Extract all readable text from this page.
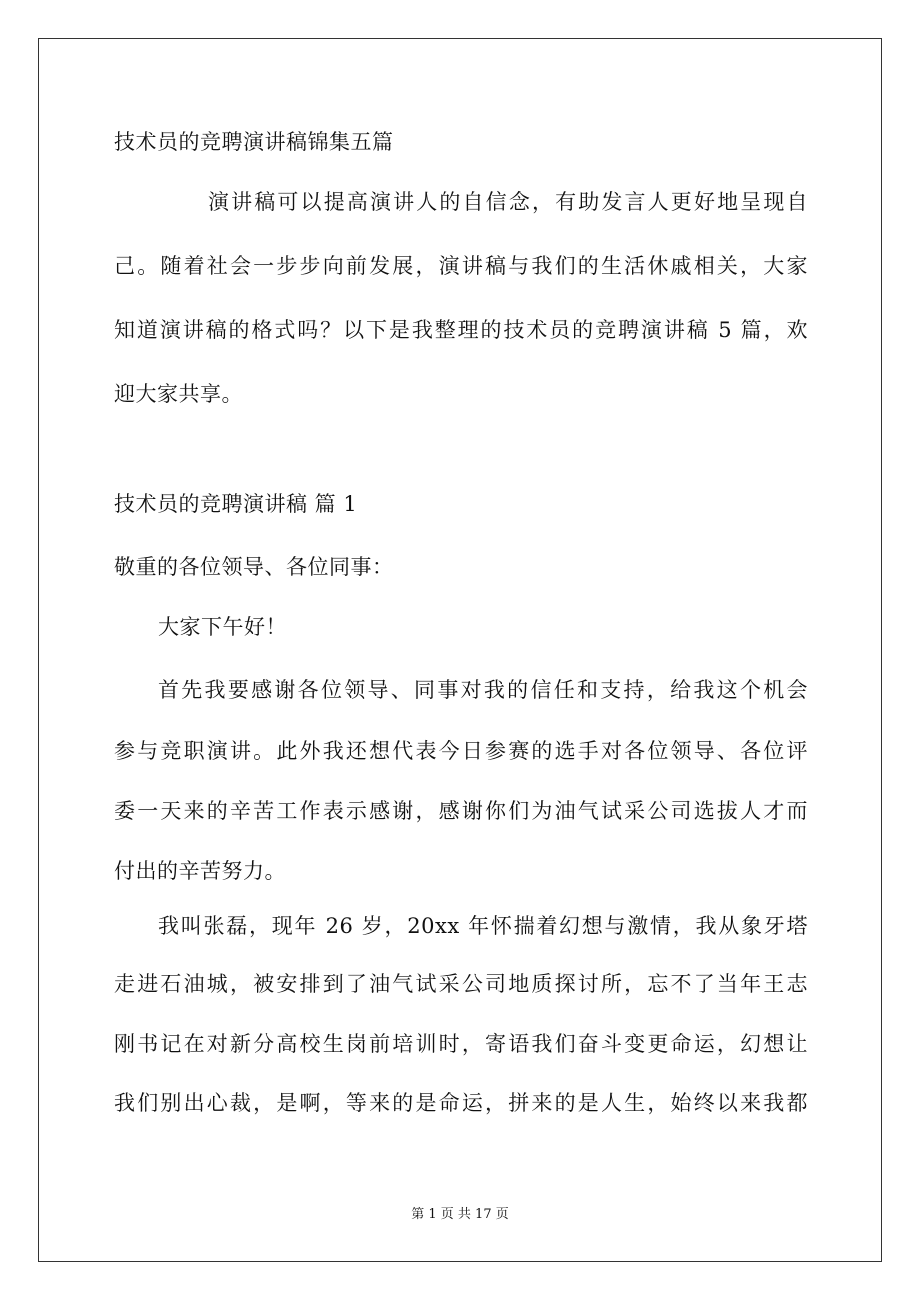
技术员的竞聘演讲稿锦集五篇
演讲稿可以提高演讲人的自信念，有助发言人更好地呈现自
己。随着社会一步步向前发展，演讲稿与我们的生活休戚相关，大家
知道演讲稿的格式吗？以下是我整理的技术员的竞聘演讲稿 5 篇，欢
迎大家共享。
技术员的竞聘演讲稿 篇 1
敬重的各位领导、各位同事：
大家下午好！
首先我要感谢各位领导、同事对我的信任和支持，给我这个机会
参与竞职演讲。此外我还想代表今日参赛的选手对各位领导、各位评
委一天来的辛苦工作表示感谢，感谢你们为油气试采公司选拔人才而
付出的辛苦努力。
我叫张磊，现年 26 岁，20xx 年怀揣着幻想与激情，我从象牙塔
走进石油城，被安排到了油气试采公司地质探讨所，忘不了当年王志
刚书记在对新分高校生岗前培训时，寄语我们奋斗变更命运，幻想让
我们别出心裁，是啊，等来的是命运，拼来的是人生，始终以来我都
第 1 页 共 17 页
